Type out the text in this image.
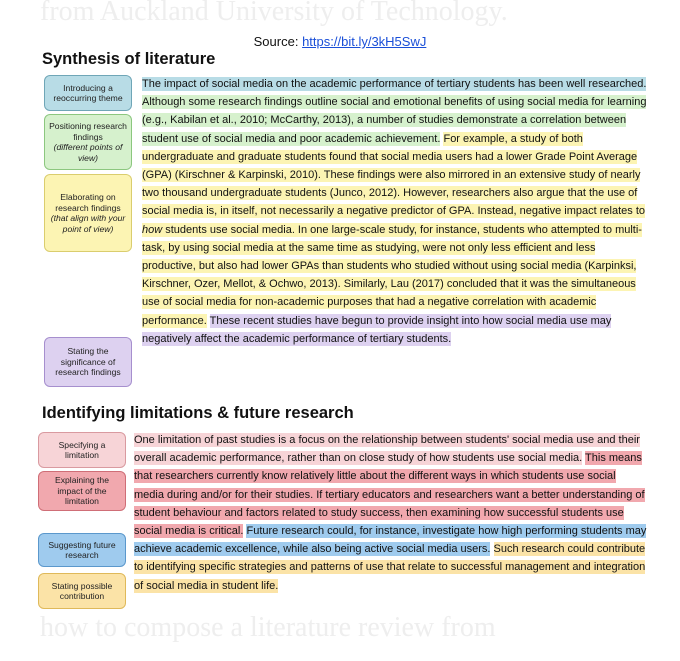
from Auckland University of Technology.
how to compose a literature review from
Source: https://bit.ly/3kH5SwJ
Synthesis of literature
Introducing a reoccurring theme
Positioning research findings
(different points of view)
Elaborating on research findings
(that align with your point of view)
Stating the significance of research findings

The impact of social media on the academic performance of tertiary students has been well researched. Although some research findings outline social and emotional benefits of using social media for learning (e.g., Kabilan et al., 2010; McCarthy, 2013), a number of studies demonstrate a correlation between student use of social media and poor academic achievement. For example, a study of both undergraduate and graduate students found that social media users had a lower Grade Point Average (GPA) (Kirschner & Karpinski, 2010). These findings were also mirrored in an extensive study of nearly two thousand undergraduate students (Junco, 2012). However, researchers also argue that the use of social media is, in itself, not necessarily a negative predictor of GPA. Instead, negative impact relates to how students use social media. In one large-scale study, for instance, students who attempted to multi-task, by using social media at the same time as studying, were not only less efficient and less productive, but also had lower GPAs than students who studied without using social media (Karpinksi, Kirschner, Ozer, Mellot, & Ochwo, 2013). Similarly, Lau (2017) concluded that it was the simultaneous use of social media for non-academic purposes that had a negative correlation with academic performance. These recent studies have begun to provide insight into how social media use may negatively affect the academic performance of tertiary students.

Identifying limitations & future research
Specifying a limitation
Explaining the impact of the limitation
Suggesting future research
Stating possible contribution

One limitation of past studies is a focus on the relationship between students' social media use and their overall academic performance, rather than on close study of how students use social media. This means that researchers currently know relatively little about the different ways in which students use social media during and/or for their studies. If tertiary educators and researchers want a better understanding of student behaviour and factors related to study success, then examining how successful students use social media is critical. Future research could, for instance, investigate how high performing students may achieve academic excellence, while also being active social media users. Such research could contribute to identifying specific strategies and patterns of use that relate to successful management and integration of social media in student life.
